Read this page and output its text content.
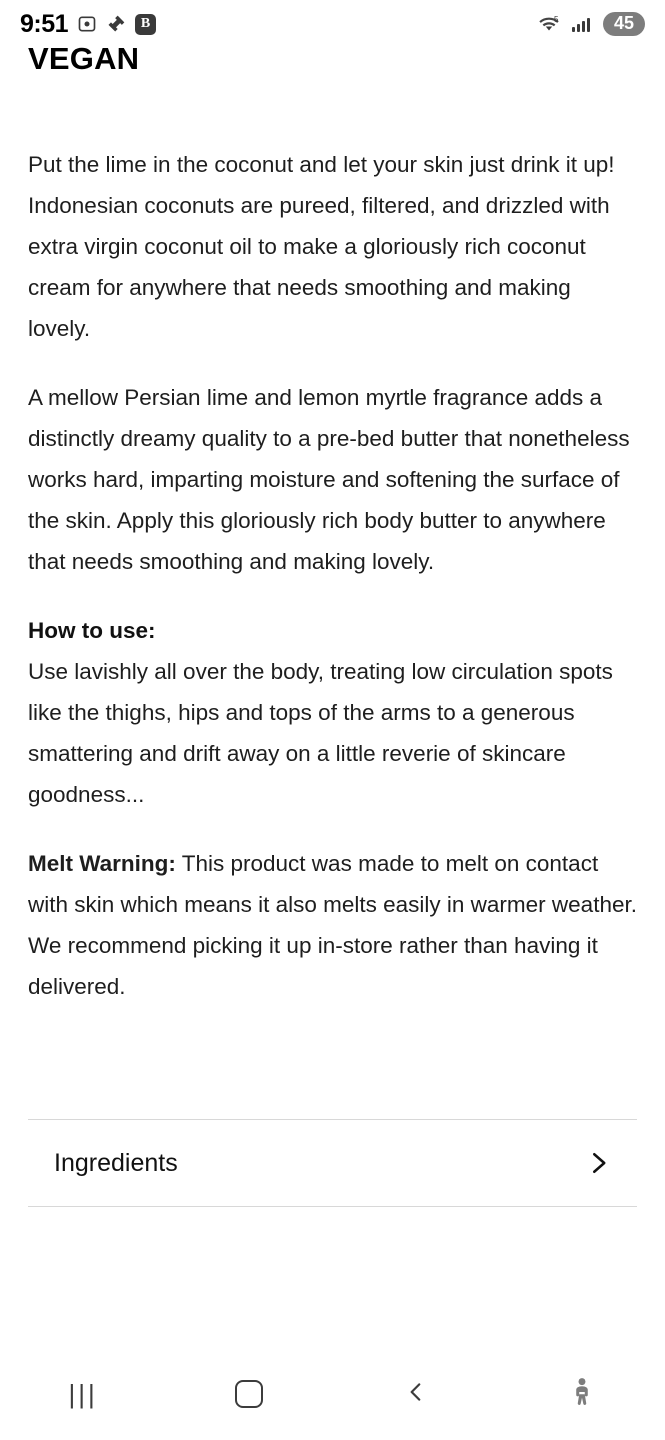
9:51	B	5	45
VEGAN

Put the lime in the coconut and let your skin just drink it up! Indonesian coconuts are pureed, filtered, and drizzled with extra virgin coconut oil to make a gloriously rich coconut cream for anywhere that needs smoothing and making lovely.

A mellow Persian lime and lemon myrtle fragrance adds a distinctly dreamy quality to a pre-bed butter that nonetheless works hard, imparting moisture and softening the surface of the skin. Apply this gloriously rich body butter to anywhere that needs smoothing and making lovely.

How to use:

Use lavishly all over the body, treating low circulation spots like the thighs, hips and tops of the arms to a generous smattering and drift away on a little reverie of skincare goodness...

Melt Warning: This product was made to melt on contact with skin which means it also melts easily in warmer weather. We recommend picking it up in-store rather than having it delivered.

Ingredients
|||
